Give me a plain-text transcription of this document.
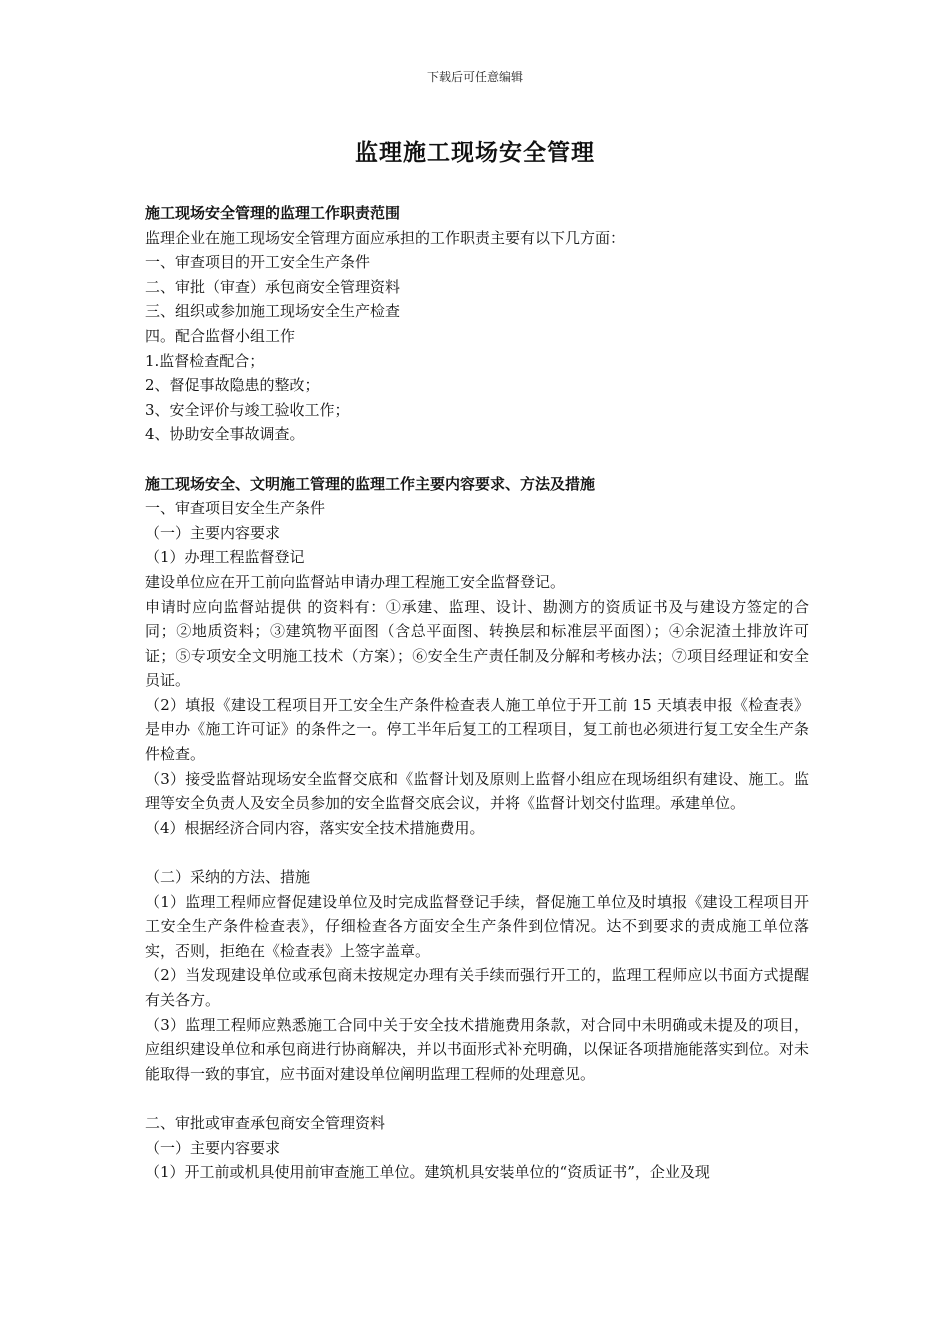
下载后可任意编辑
监理施工现场安全管理
施工现场安全管理的监理工作职责范围
监理企业在施工现场安全管理方面应承担的工作职责主要有以下几方面：
一、审查项目的开工安全生产条件
二、审批（审查）承包商安全管理资料
三、组织或参加施工现场安全生产检查
四。配合监督小组工作
1.监督检查配合；
2、督促事故隐患的整改；
3、安全评价与竣工验收工作；
4、协助安全事故调查。
施工现场安全、文明施工管理的监理工作主要内容要求、方法及措施
一、审查项目安全生产条件
（一）主要内容要求
（1）办理工程监督登记
建设单位应在开工前向监督站申请办理工程施工安全监督登记。
申请时应向监督站提供 的资料有：①承建、监理、设计、勘测方的资质证书及与建设方签定的合同；②地质资料；③建筑物平面图（含总平面图、转换层和标准层平面图）；④余泥渣土排放许可证；⑤专项安全文明施工技术（方案）；⑥安全生产责任制及分解和考核办法；⑦项目经理证和安全员证。
（2）填报《建设工程项目开工安全生产条件检查表人施工单位于开工前 15 天填表申报《检查表》是申办《施工许可证》的条件之一。停工半年后复工的工程项目，复工前也必须进行复工安全生产条件检查。
（3）接受监督站现场安全监督交底和《监督计划及原则上监督小组应在现场组织有建设、施工。监理等安全负责人及安全员参加的安全监督交底会议，并将《监督计划交付监理。承建单位。
（4）根据经济合同内容，落实安全技术措施费用。
（二）采纳的方法、措施
（1）监理工程师应督促建设单位及时完成监督登记手续，督促施工单位及时填报《建设工程项目开工安全生产条件检查表》，仔细检查各方面安全生产条件到位情况。达不到要求的责成施工单位落实，否则，拒绝在《检查表》上签字盖章。
（2）当发现建设单位或承包商未按规定办理有关手续而强行开工的，监理工程师应以书面方式提醒有关各方。
（3）监理工程师应熟悉施工合同中关于安全技术措施费用条款，对合同中未明确或未提及的项目，应组织建设单位和承包商进行协商解决，并以书面形式补充明确，以保证各项措施能落实到位。对未能取得一致的事宜，应书面对建设单位阐明监理工程师的处理意见。
二、审批或审查承包商安全管理资料
（一）主要内容要求
（1）开工前或机具使用前审查施工单位。建筑机具安装单位的“资质证书”，企业及现
